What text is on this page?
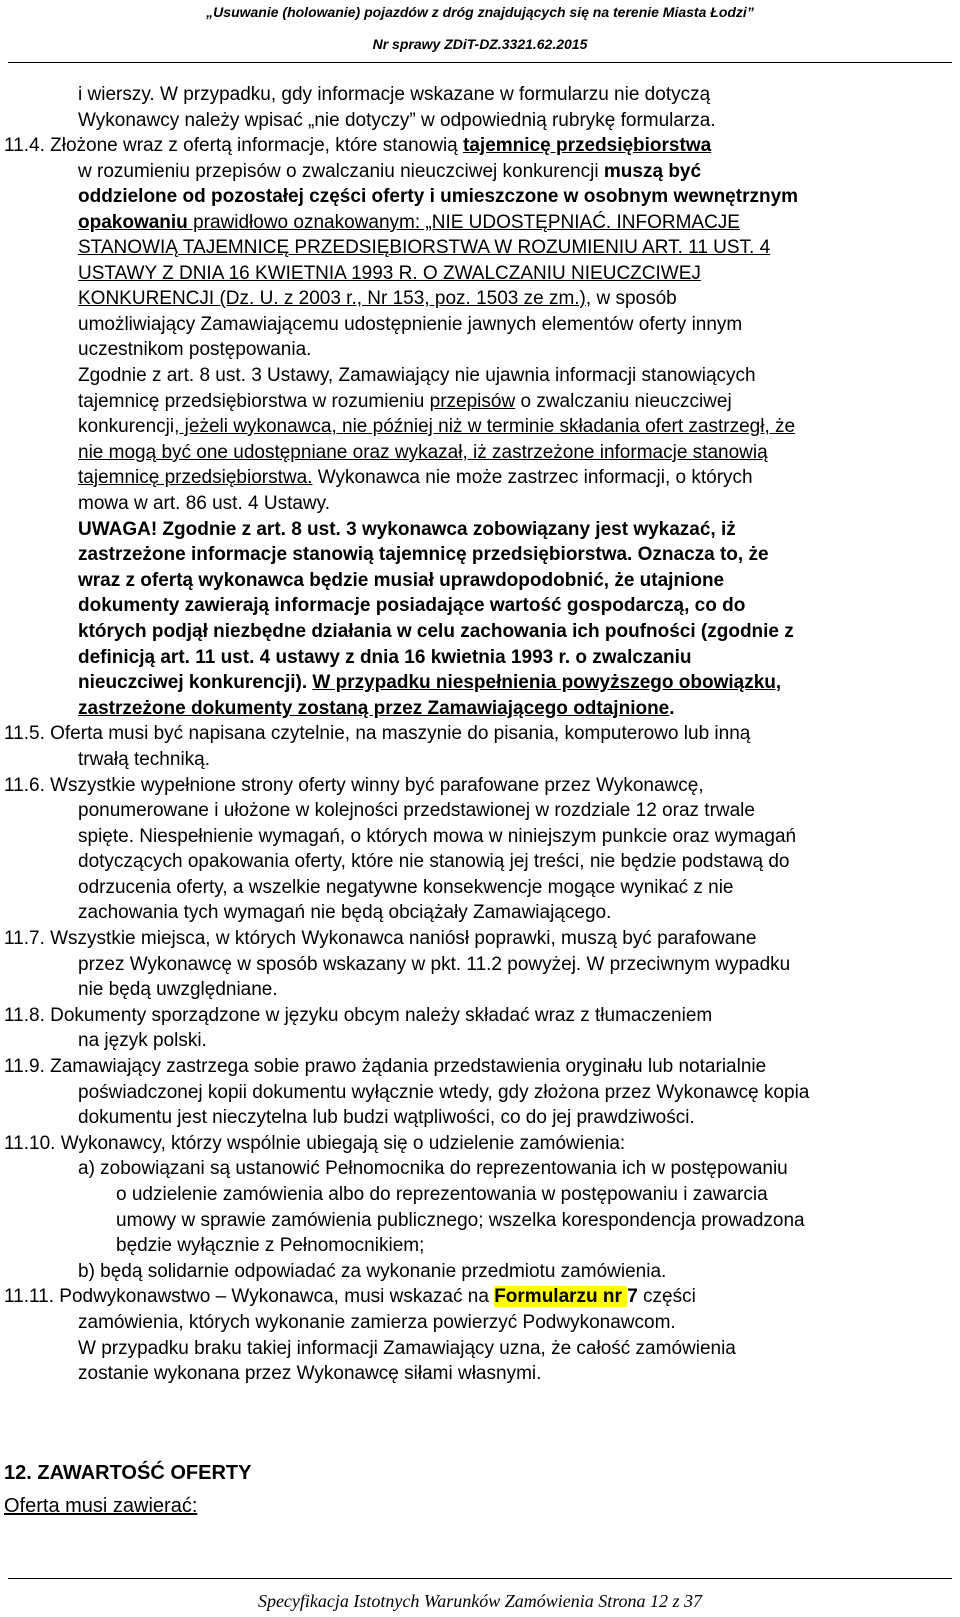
„Usuwanie (holowanie) pojazdów z dróg znajdujących się na terenie Miasta Łodzi”
Nr sprawy ZDiT-DZ.3321.62.2015
i wierszy. W przypadku, gdy informacje wskazane w formularzu nie dotyczą
Wykonawcy należy wpisać „nie dotyczy” w odpowiednią rubrykę formularza.
11.4. Złożone wraz z ofertą informacje, które stanowią tajemnicę przedsiębiorstwa
w rozumieniu przepisów o zwalczaniu nieuczciwej konkurencji muszą być
oddzielone od pozostałej części oferty i umieszczone w osobnym wewnętrznym
opakowaniu prawidłowo oznakowanym: „NIE UDOSTĘPNIAĆ. INFORMACJE
STANOWIĄ TAJEMNICĘ PRZEDSIĘBIORSTWA W ROZUMIENIU ART. 11 UST. 4
USTAWY Z DNIA 16 KWIETNIA 1993 R. O ZWALCZANIU NIEUCZCIWEJ
KONKURENCJI (Dz. U. z 2003 r., Nr 153, poz. 1503 ze zm.), w sposób
umożliwiający Zamawiającemu udostępnienie jawnych elementów oferty innym
uczestnikom postępowania.
Zgodnie z art. 8 ust. 3 Ustawy, Zamawiający nie ujawnia informacji stanowiących
tajemnicę przedsiębiorstwa w rozumieniu przepisów o zwalczaniu nieuczciwej
konkurencji, jeżeli wykonawca, nie później niż w terminie składania ofert zastrzegł, że
nie mogą być one udostępniane oraz wykazał, iż zastrzeżone informacje stanowią
tajemnicę przedsiębiorstwa. Wykonawca nie może zastrzec informacji, o których
mowa w art. 86 ust. 4 Ustawy.
UWAGA! Zgodnie z art. 8 ust. 3 wykonawca zobowiązany jest wykazać, iż
zastrzeżone informacje stanowią tajemnicę przedsiębiorstwa. Oznacza to, że
wraz z ofertą wykonawca będzie musiał uprawdopodobnić, że utajnione
dokumenty zawierają informacje posiadające wartość gospodarczą, co do
których podjął niezbędne działania w celu zachowania ich poufności (zgodnie z
definicją art. 11 ust. 4 ustawy z dnia 16 kwietnia 1993 r. o zwalczaniu
nieuczciwej konkurencji). W przypadku niespełnienia powyższego obowiązku,
zastrzeżone dokumenty zostaną przez Zamawiającego odtajnione.
11.5. Oferta musi być napisana czytelnie, na maszynie do pisania, komputerowo lub inną
trwałą techniką.
11.6. Wszystkie wypełnione strony oferty winny być parafowane przez Wykonawcę,
ponumerowane i ułożone w kolejności przedstawionej w rozdziale 12 oraz trwale
spięte. Niespełnienie wymagań, o których mowa w niniejszym punkcie oraz wymagań
dotyczących opakowania oferty, które nie stanowią jej treści, nie będzie podstawą do
odrzucenia oferty, a wszelkie negatywne konsekwencje mogące wynikać z nie
zachowania tych wymagań nie będą obciążały Zamawiającego.
11.7. Wszystkie miejsca, w których Wykonawca naniósł poprawki, muszą być parafowane
przez Wykonawcę w sposób wskazany w pkt. 11.2 powyżej. W przeciwnym wypadku
nie będą uwzględniane.
11.8. Dokumenty sporządzone w języku obcym należy składać wraz z tłumaczeniem
na język polski.
11.9. Zamawiający zastrzega sobie prawo żądania przedstawienia oryginału lub notarialnie
poświadczonej kopii dokumentu wyłącznie wtedy, gdy złożona przez Wykonawcę kopia
dokumentu jest nieczytelna lub budzi wątpliwości, co do jej prawdziwości.
11.10. Wykonawcy, którzy wspólnie ubiegają się o udzielenie zamówienia:
a) zobowiązani są ustanowić Pełnomocnika do reprezentowania ich w postępowaniu
o udzielenie zamówienia albo do reprezentowania w postępowaniu i zawarcia
umowy w sprawie zamówienia publicznego; wszelka korespondencja prowadzona
będzie wyłącznie z Pełnomocnikiem;
b) będą solidarnie odpowiadać za wykonanie przedmiotu zamówienia.
11.11. Podwykonawstwo – Wykonawca, musi wskazać na Formularzu nr 7 części
zamówienia, których wykonanie zamierza powierzyć Podwykonawcom.
W przypadku braku takiej informacji Zamawiający uzna, że całość zamówienia
zostanie wykonana przez Wykonawcę siłami własnymi.
12. ZAWARTOŚĆ OFERTY
Oferta musi zawierać:
Specyfikacja Istotnych Warunków Zamówienia Strona 12 z 37
